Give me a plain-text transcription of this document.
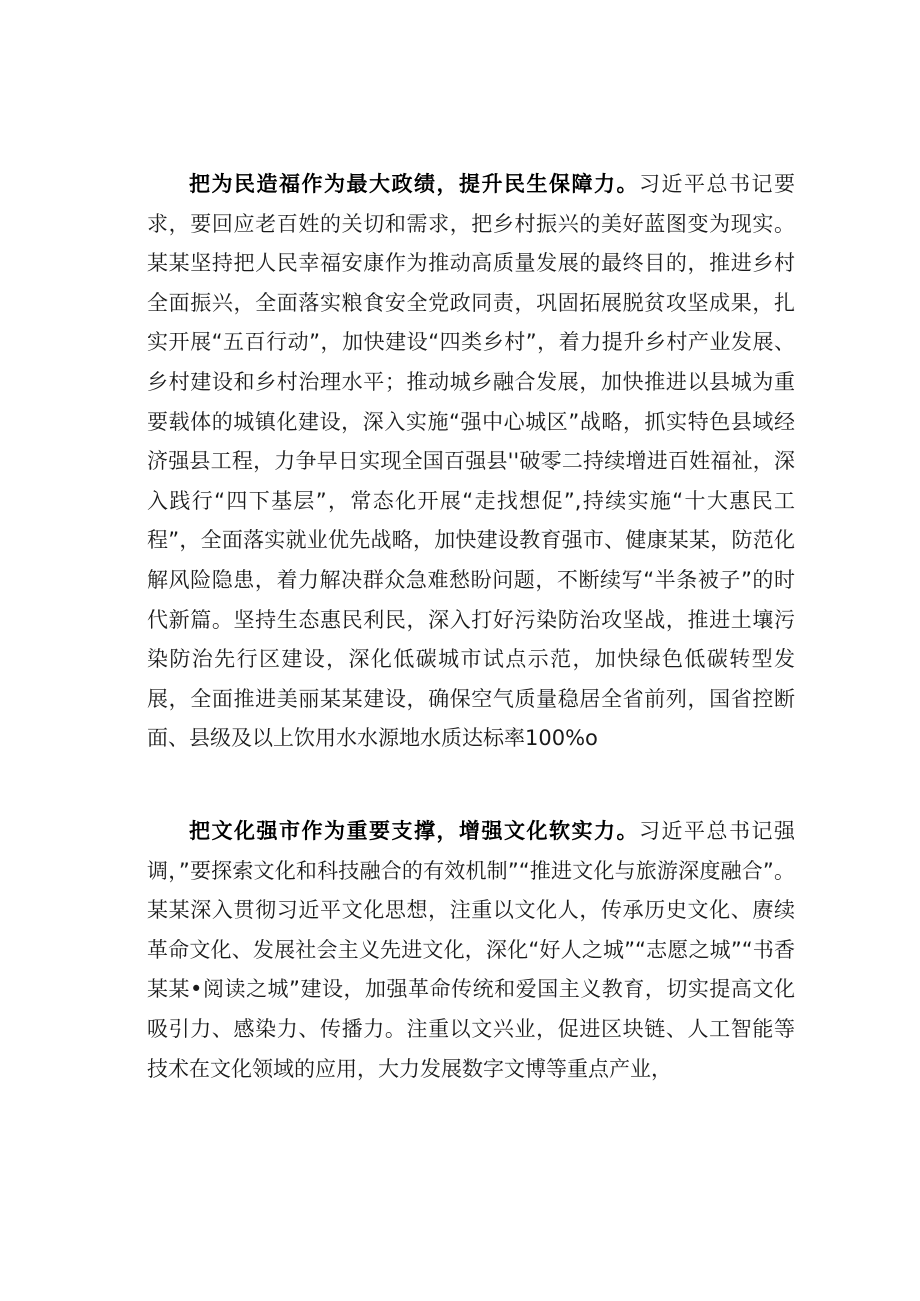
把为民造福作为最大政绩，提升民生保障力。习近平总书记要求，要回应老百姓的关切和需求，把乡村振兴的美好蓝图变为现实。某某坚持把人民幸福安康作为推动高质量发展的最终目的，推进乡村全面振兴，全面落实粮食安全党政同责，巩固拓展脱贫攻坚成果，扎实开展“五百行动”，加快建设“四类乡村”，着力提升乡村产业发展、乡村建设和乡村治理水平；推动城乡融合发展，加快推进以县城为重要载体的城镇化建设，深入实施“强中心城区”战略，抓实特色县域经济强县工程，力争早日实现全国百强县''破零二持续增进百姓福祉，深入践行“四下基层”，常态化开展“走找想促”,持续实施“十大惠民工程”，全面落实就业优先战略，加快建设教育强市、健康某某，防范化解风险隐患，着力解决群众急难愁盼问题，不断续写“半条被子”的时代新篇。坚持生态惠民利民，深入打好污染防治攻坚战，推进土壤污染防治先行区建设，深化低碳城市试点示范，加快绿色低碳转型发展，全面推进美丽某某建设，确保空气质量稳居全省前列，国省控断面、县级及以上饮用水水源地水质达标率100%o

把文化强市作为重要支撑，增强文化软实力。习近平总书记强调，”要探索文化和科技融合的有效机制”“推进文化与旅游深度融合”。某某深入贯彻习近平文化思想，注重以文化人，传承历史文化、赓续革命文化、发展社会主义先进文化，深化“好人之城”“志愿之城”“书香某某•阅读之城”建设，加强革命传统和爱国主义教育，切实提高文化吸引力、感染力、传播力。注重以文兴业，促进区块链、人工智能等技术在文化领域的应用，大力发展数字文博等重点产业，
